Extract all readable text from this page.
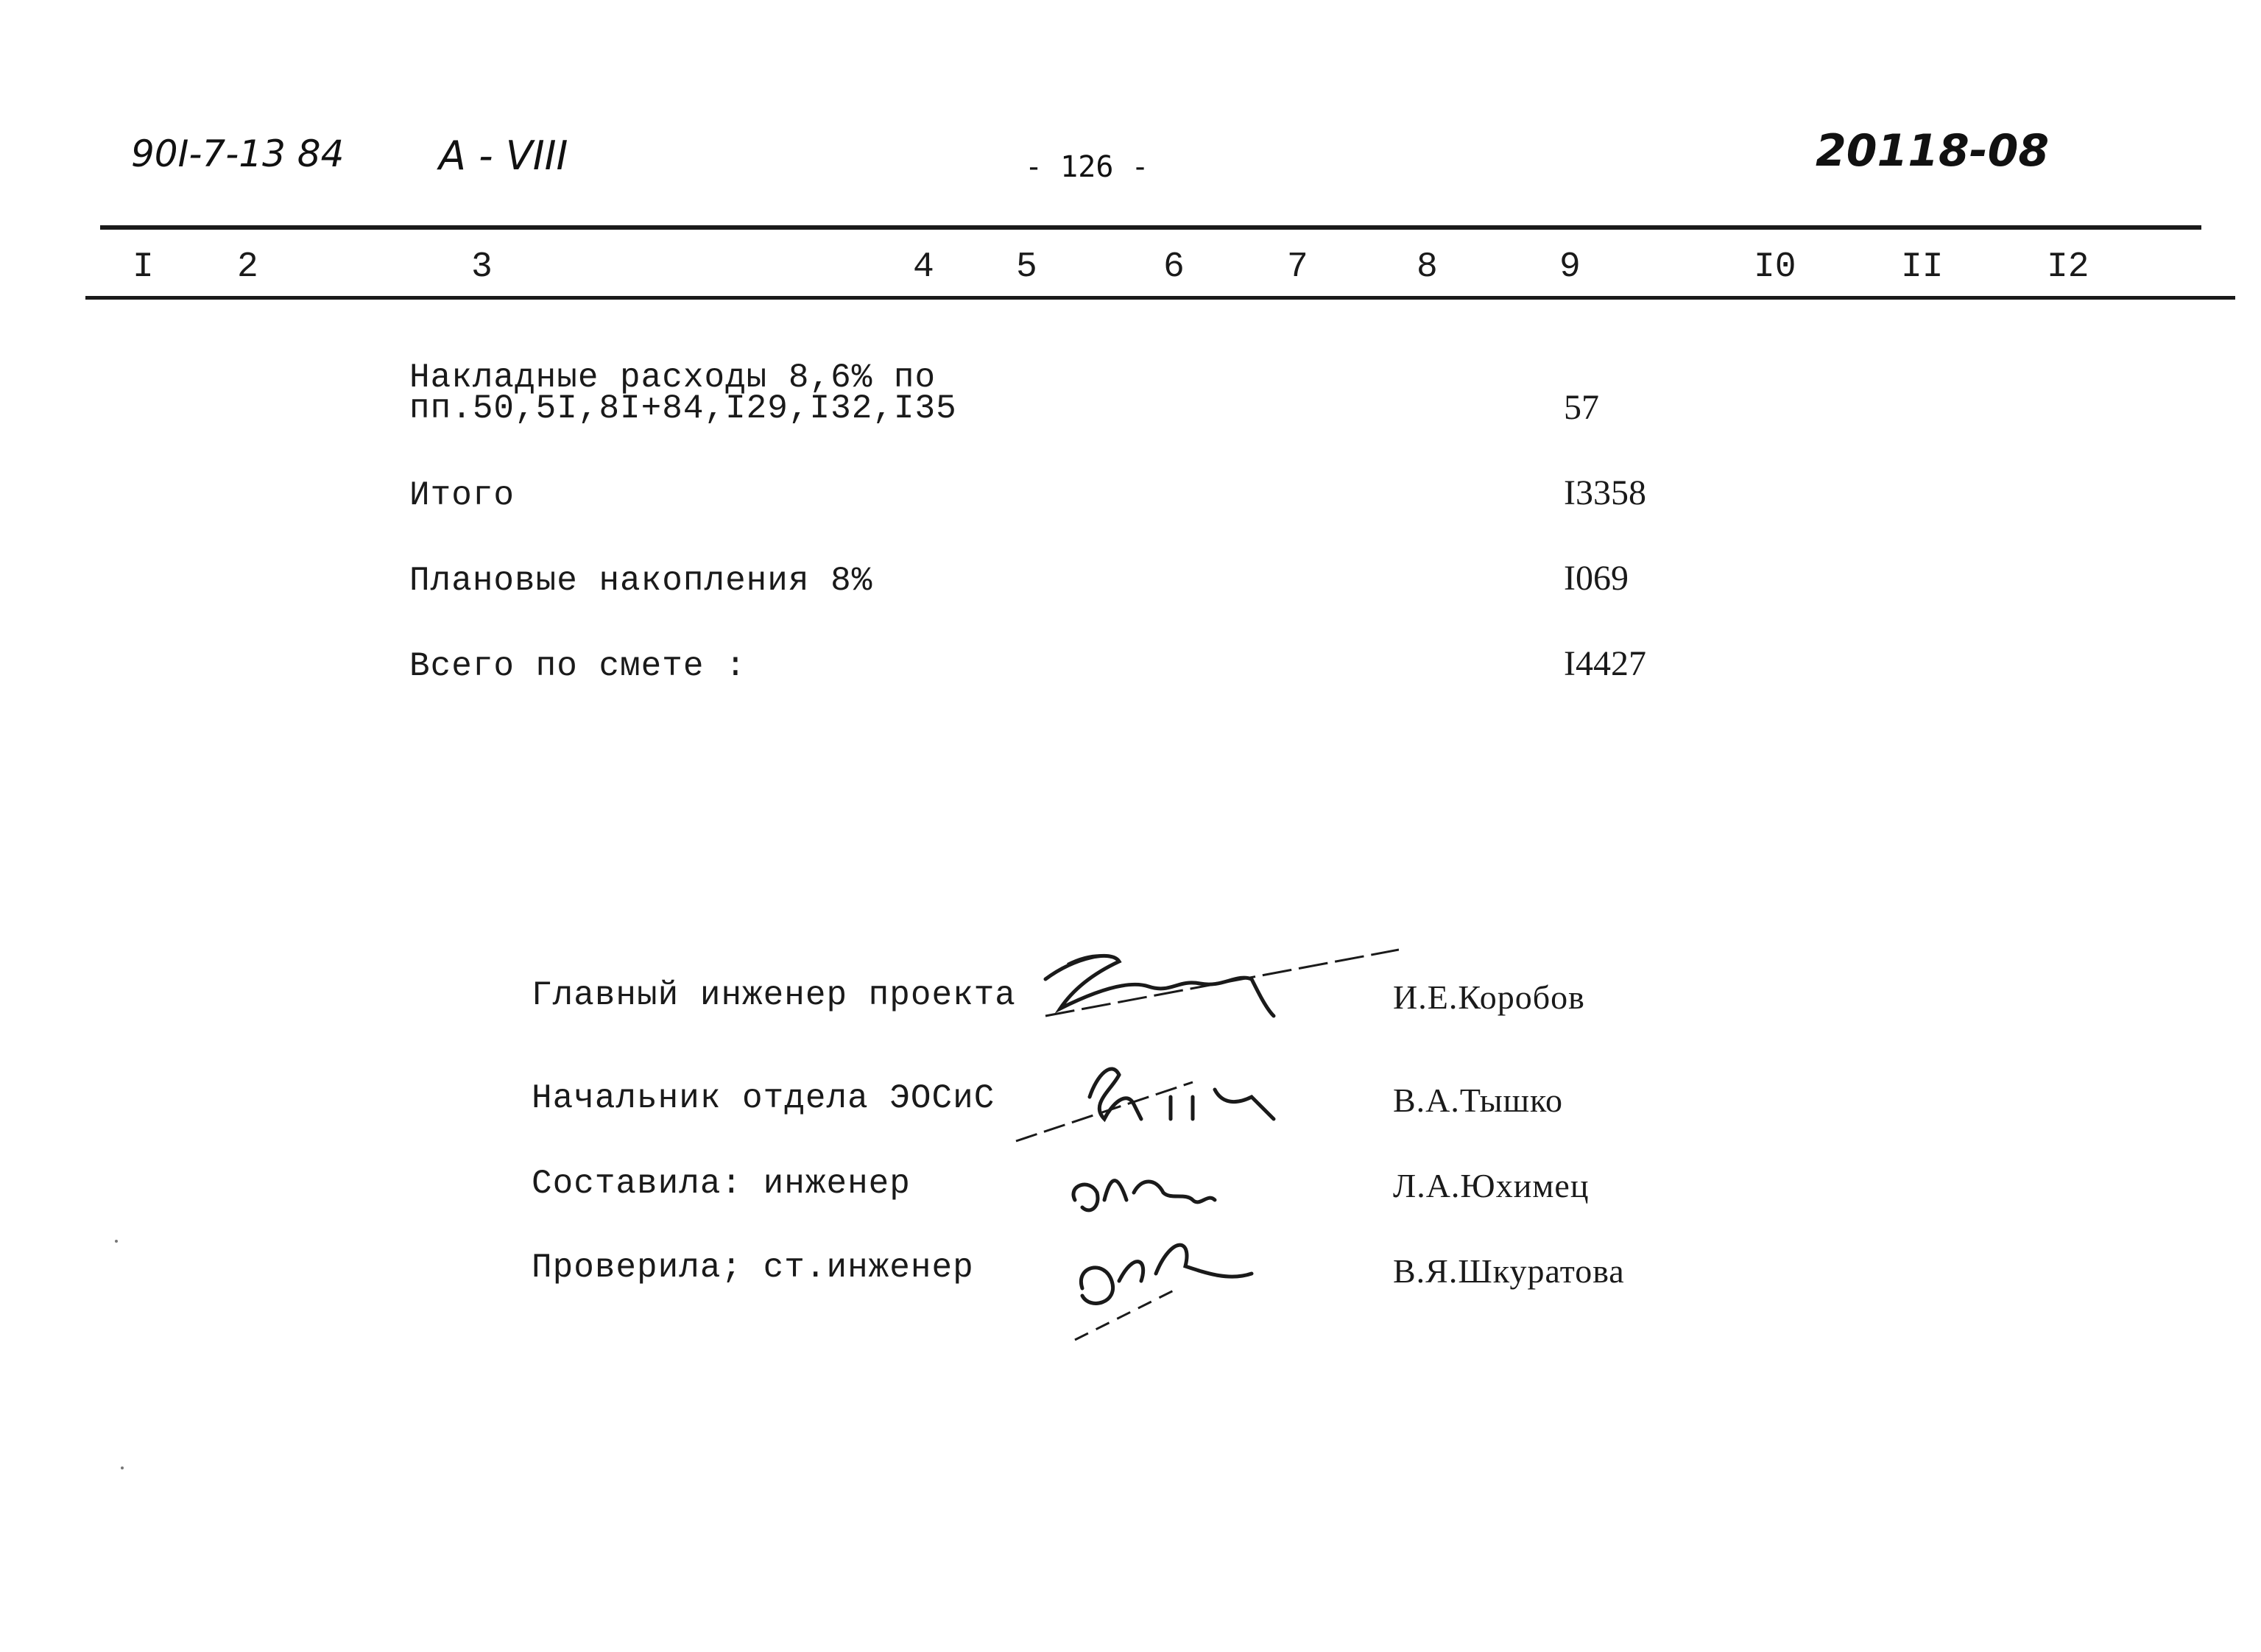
90I-7-13 84 A - VIII	- 126 -	20118-08
I 2	3	4 5	6	7	8	9	I0	II	I2
Накладные расходы 8,6% по
пп.50,5I,8I+84,I29,I32,I35	57
Итого	I3358
Плановые накопления 8%	I069
Всего по смете :	I4427
Главный инженер проекта	И.Е.Коробов
Начальник отдела ЭОСиС	В.А.Тышко
Составила: инженер	Л.А.Юхимец
Проверила; ст.инженер	В.Я.Шкуратова
